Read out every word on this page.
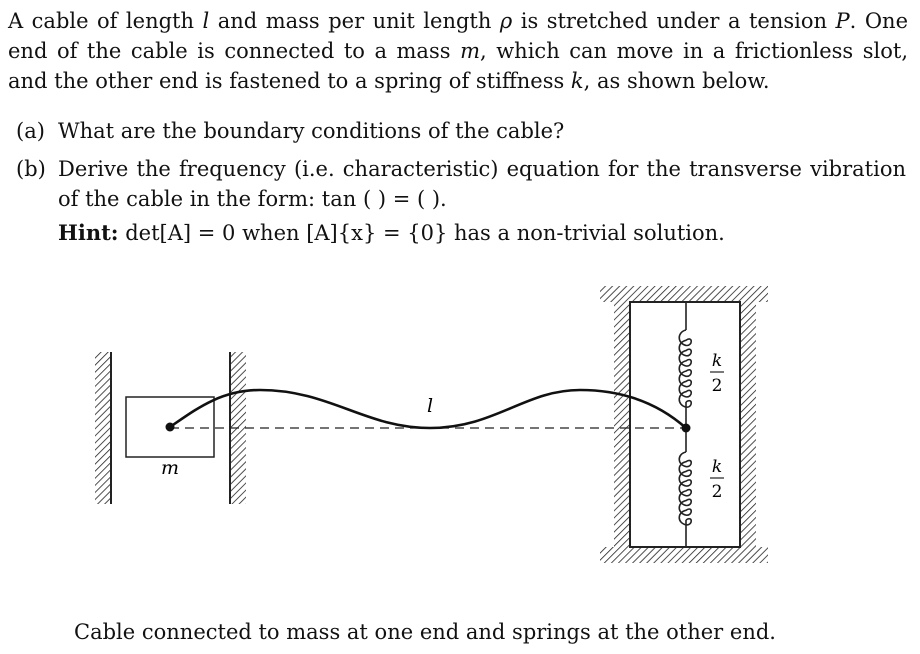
A cable of length l and mass per unit length ρ is stretched under a tension P. One end of the cable is connected to a mass m, which can move in a frictionless slot, and the other end is fastened to a spring of stiffness k, as shown below.

(a) What are the boundary conditions of the cable?
(b) Derive the frequency (i.e. characteristic) equation for the transverse vibration of the cable in the form: tan ( ) = ( ).

Hint: det[A] = 0 when [A]{x} = {0} has a non-trivial solution.

m
k
2
k
2
l

Cable connected to mass at one end and springs at the other end.
